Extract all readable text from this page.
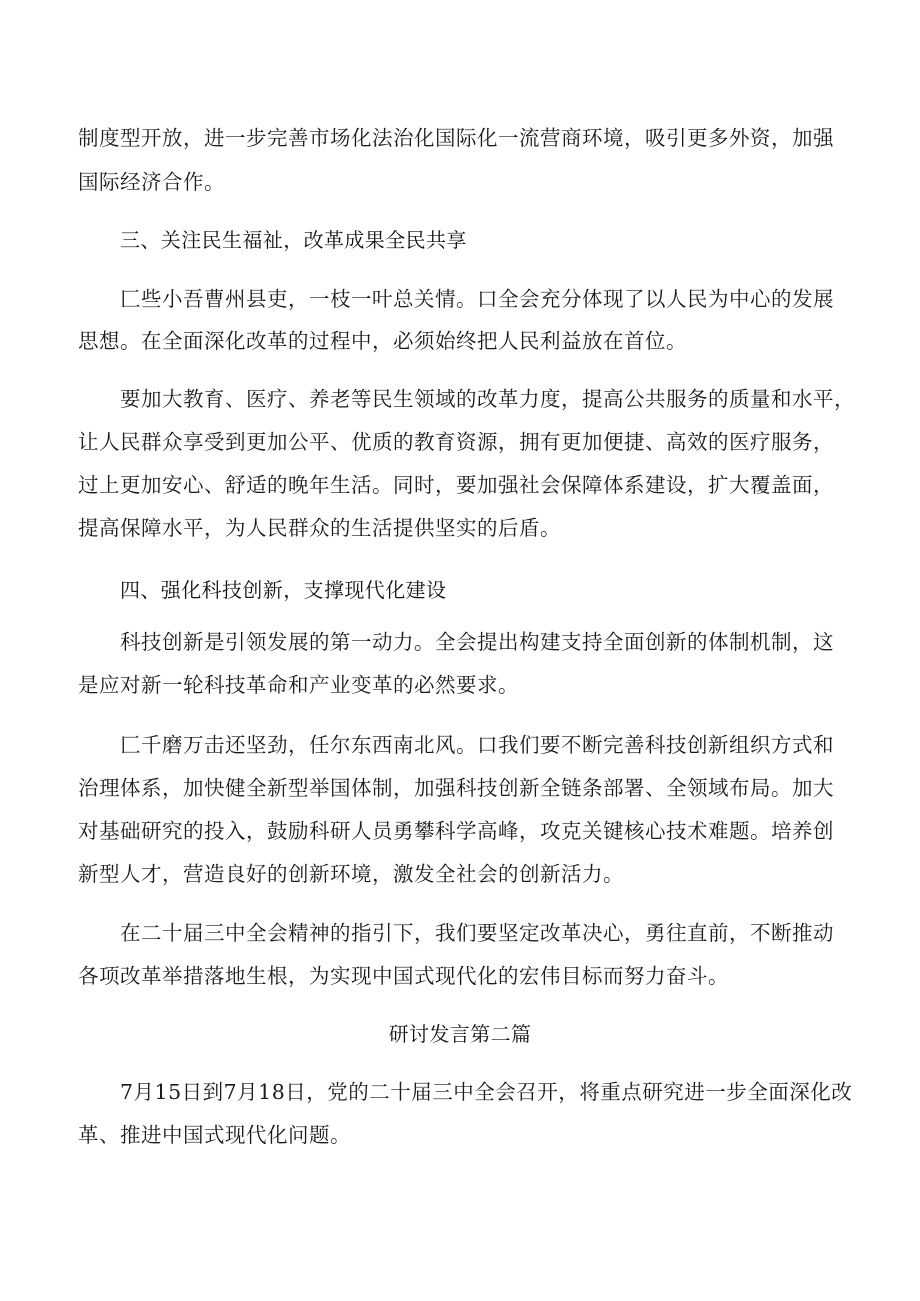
制度型开放，进一步完善市场化法治化国际化一流营商环境，吸引更多外资，加强
国际经济合作。
三、关注民生福祉，改革成果全民共享
匚些小吾曹州县吏，一枝一叶总关情。口全会充分体现了以人民为中心的发展
思想。在全面深化改革的过程中，必须始终把人民利益放在首位。
要加大教育、医疗、养老等民生领域的改革力度，提高公共服务的质量和水平，
让人民群众享受到更加公平、优质的教育资源，拥有更加便捷、高效的医疗服务，
过上更加安心、舒适的晚年生活。同时，要加强社会保障体系建设，扩大覆盖面，
提高保障水平，为人民群众的生活提供坚实的后盾。
四、强化科技创新，支撑现代化建设
科技创新是引领发展的第一动力。全会提出构建支持全面创新的体制机制，这
是应对新一轮科技革命和产业变革的必然要求。
匚千磨万击还坚劲，任尔东西南北风。口我们要不断完善科技创新组织方式和
治理体系，加快健全新型举国体制，加强科技创新全链条部署、全领域布局。加大
对基础研究的投入，鼓励科研人员勇攀科学高峰，攻克关键核心技术难题。培养创
新型人才，营造良好的创新环境，激发全社会的创新活力。
在二十届三中全会精神的指引下，我们要坚定改革决心，勇往直前，不断推动
各项改革举措落地生根，为实现中国式现代化的宏伟目标而努力奋斗。
研讨发言第二篇
7月15日到7月18日，党的二十届三中全会召开，将重点研究进一步全面深化改
革、推进中国式现代化问题。
